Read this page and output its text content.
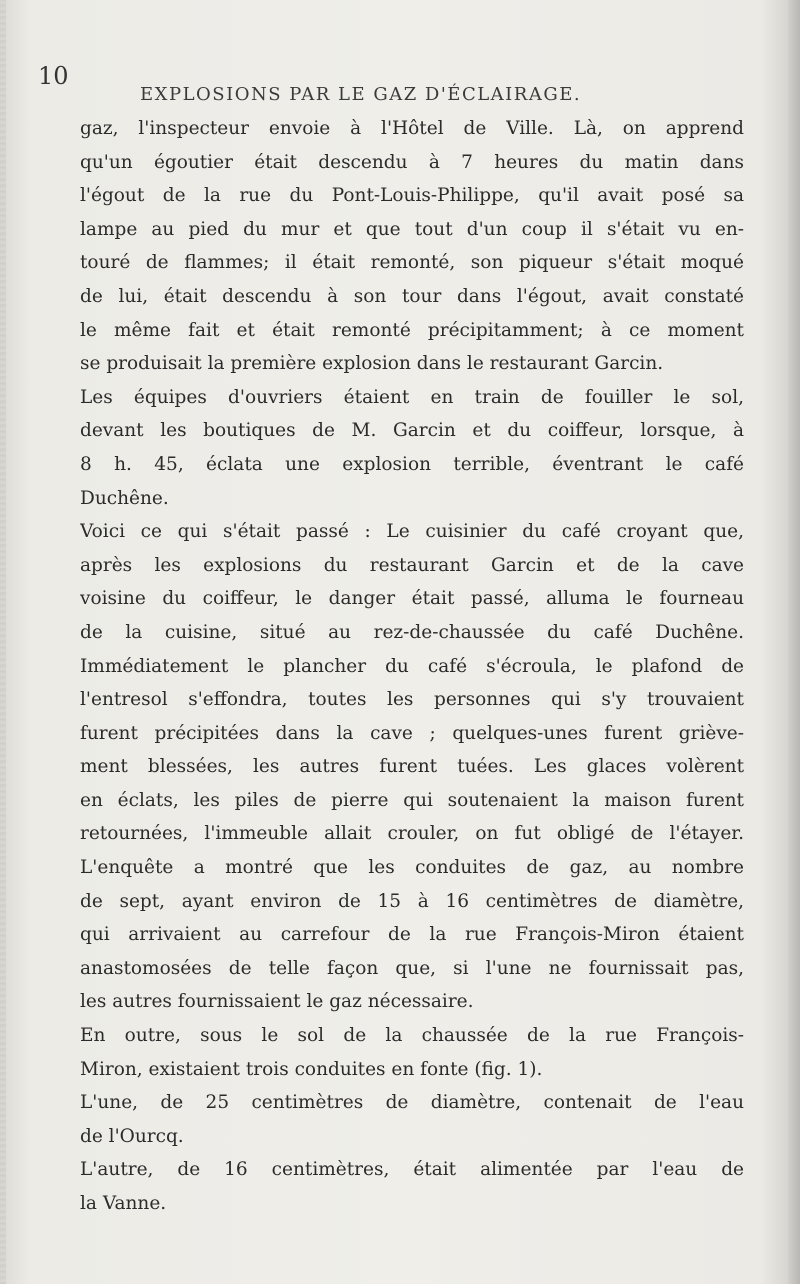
10
EXPLOSIONS PAR LE GAZ D'ÉCLAIRAGE.
gaz, l'inspecteur envoie à l'Hôtel de Ville. Là, on apprend
qu'un égoutier était descendu à 7 heures du matin dans
l'égout de la rue du Pont-Louis-Philippe, qu'il avait posé sa
lampe au pied du mur et que tout d'un coup il s'était vu en-
touré de flammes; il était remonté, son piqueur s'était moqué
de lui, était descendu à son tour dans l'égout, avait constaté
le même fait et était remonté précipitamment; à ce moment
se produisait la première explosion dans le restaurant Garcin.
Les équipes d'ouvriers étaient en train de fouiller le sol,
devant les boutiques de M. Garcin et du coiffeur, lorsque, à
8 h. 45, éclata une explosion terrible, éventrant le café
Duchêne.
Voici ce qui s'était passé : Le cuisinier du café croyant que,
après les explosions du restaurant Garcin et de la cave
voisine du coiffeur, le danger était passé, alluma le fourneau
de la cuisine, situé au rez-de-chaussée du café Duchêne.
Immédiatement le plancher du café s'écroula, le plafond de
l'entresol s'effondra, toutes les personnes qui s'y trouvaient
furent précipitées dans la cave ; quelques-unes furent griève-
ment blessées, les autres furent tuées. Les glaces volèrent
en éclats, les piles de pierre qui soutenaient la maison furent
retournées, l'immeuble allait crouler, on fut obligé de l'étayer.
L'enquête a montré que les conduites de gaz, au nombre
de sept, ayant environ de 15 à 16 centimètres de diamètre,
qui arrivaient au carrefour de la rue François-Miron étaient
anastomosées de telle façon que, si l'une ne fournissait pas,
les autres fournissaient le gaz nécessaire.
En outre, sous le sol de la chaussée de la rue François-
Miron, existaient trois conduites en fonte (fig. 1).
L'une, de 25 centimètres de diamètre, contenait de l'eau
de l'Ourcq.
L'autre, de 16 centimètres, était alimentée par l'eau de
la Vanne.
